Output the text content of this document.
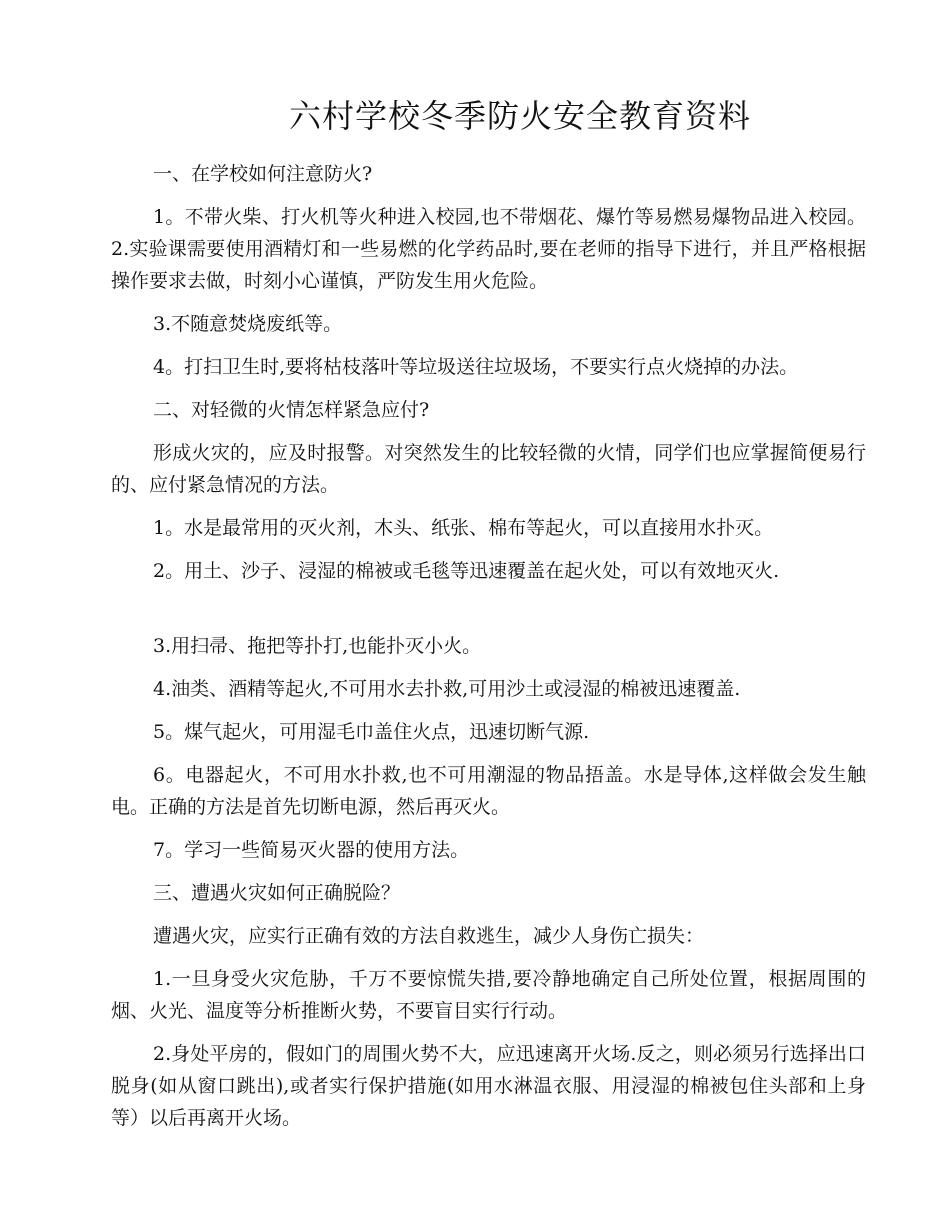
六村学校冬季防火安全教育资料

一、在学校如何注意防火?

1。不带火柴、打火机等火种进入校园,也不带烟花、爆竹等易燃易爆物品进入校园。 2.实验课需要使用酒精灯和一些易燃的化学药品时,要在老师的指导下进行，并且严格根据操作要求去做，时刻小心谨慎，严防发生用火危险。

3.不随意焚烧废纸等。

4。打扫卫生时,要将枯枝落叶等垃圾送往垃圾场，不要实行点火烧掉的办法。

二、对轻微的火情怎样紧急应付?

形成火灾的，应及时报警。对突然发生的比较轻微的火情，同学们也应掌握简便易行的、应付紧急情况的方法。

1。水是最常用的灭火剂，木头、纸张、棉布等起火，可以直接用水扑灭。

2。用土、沙子、浸湿的棉被或毛毯等迅速覆盖在起火处，可以有效地灭火.

3.用扫帚、拖把等扑打,也能扑灭小火。

4.油类、酒精等起火,不可用水去扑救,可用沙土或浸湿的棉被迅速覆盖.

5。煤气起火，可用湿毛巾盖住火点，迅速切断气源.

6。电器起火，不可用水扑救,也不可用潮湿的物品捂盖。水是导体,这样做会发生触电。正确的方法是首先切断电源，然后再灭火。

7。学习一些简易灭火器的使用方法。

三、遭遇火灾如何正确脱险？

遭遇火灾，应实行正确有效的方法自救逃生，减少人身伤亡损失：

1.一旦身受火灾危胁，千万不要惊慌失措,要冷静地确定自己所处位置，根据周围的烟、火光、温度等分析推断火势，不要盲目实行行动。

2.身处平房的，假如门的周围火势不大，应迅速离开火场.反之，则必须另行选择出口脱身(如从窗口跳出),或者实行保护措施(如用水淋温衣服、用浸湿的棉被包住头部和上身等）以后再离开火场。
